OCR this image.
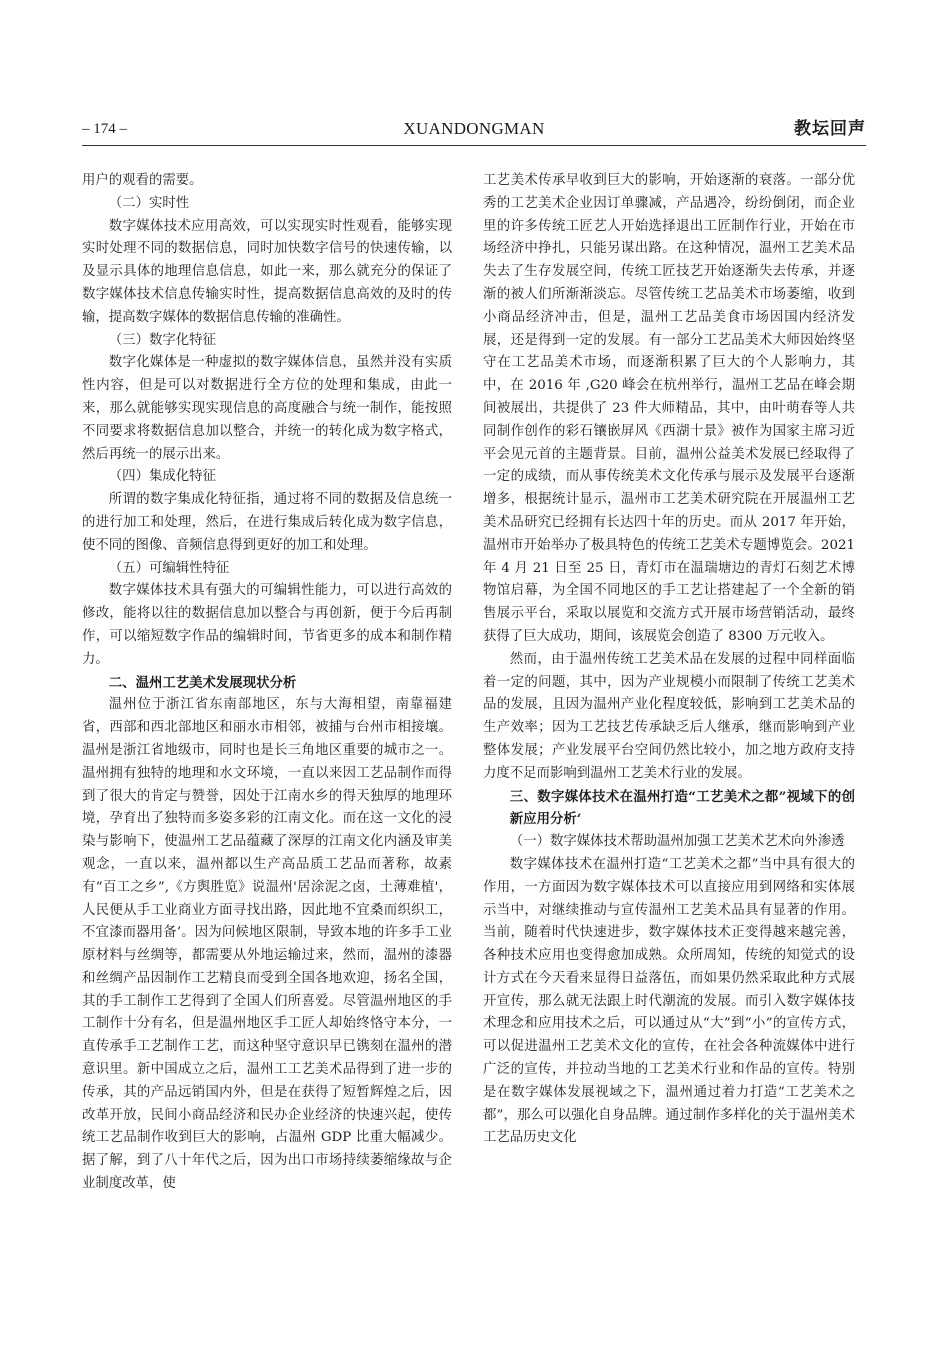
– 174 –	XUANDONGMAN	教坛回声

用户的观看的需要。

（二）实时性

数字媒体技术应用高效，可以实现实时性观看，能够实现实时处理不同的数据信息，同时加快数字信号的快速传输，以及显示具体的地理信息信息，如此一来，那么就充分的保证了数字媒体技术信息传输实时性，提高数据信息高效的及时的传输，提高数字媒体的数据信息传输的准确性。

（三）数字化特征

数字化媒体是一种虚拟的数字媒体信息，虽然并没有实质性内容，但是可以对数据进行全方位的处理和集成，由此一来，那么就能够实现实现信息的高度融合与统一制作，能按照不同要求将数据信息加以整合，并统一的转化成为数字格式，然后再统一的展示出来。

（四）集成化特征

所谓的数字集成化特征指，通过将不同的数据及信息统一的进行加工和处理，然后，在进行集成后转化成为数字信息，使不同的图像、音频信息得到更好的加工和处理。

（五）可编辑性特征

数字媒体技术具有强大的可编辑性能力，可以进行高效的修改，能将以往的数据信息加以整合与再创新，便于今后再制作，可以缩短数字作品的编辑时间，节省更多的成本和制作精力。

二、温州工艺美术发展现状分析

温州位于浙江省东南部地区，东与大海相望，南靠福建省，西部和西北部地区和丽水市相邻，被捕与台州市相接壤。温州是浙江省地级市，同时也是长三角地区重要的城市之一。温州拥有独特的地理和水文环境，一直以来因工艺品制作而得到了很大的肯定与赞誉，因处于江南水乡的得天独厚的地理环境，孕育出了独特而多姿多彩的江南文化。而在这一文化的浸染与影响下，使温州工艺品蕴藏了深厚的江南文化内涵及审美观念，一直以来，温州都以生产高品质工艺品而著称，故素有“百工之乡”,《方舆胜览》说温州'居涂泥之卤，土薄难植'，人民便从手工业商业方面寻找出路，因此地不宜桑而织织工，不宜漆而器用备’。因为问候地区限制，导致本地的许多手工业原材料与丝绸等，都需要从外地运输过来，然而，温州的漆器和丝绸产品因制作工艺精良而受到全国各地欢迎，扬名全国，其的手工制作工艺得到了全国人们所喜爱。尽管温州地区的手工制作十分有名，但是温州地区手工匠人却始终恪守本分，一直传承手工艺制作工艺，而这种坚守意识早已镌刻在温州的潜意识里。新中国成立之后，温州工工艺美术品得到了进一步的传承，其的产品远销国内外，但是在获得了短暂辉煌之后，因改革开放，民间小商品经济和民办企业经济的快速兴起，使传统工艺品制作收到巨大的影响，占温州 GDP 比重大幅减少。据了解，到了八十年代之后，因为出口市场持续萎缩缘故与企业制度改革，使

工艺美术传承早收到巨大的影响，开始逐渐的衰落。一部分优秀的工艺美术企业因订单骤减，产品遇冷，纷纷倒闭，而企业里的许多传统工匠艺人开始选择退出工匠制作行业，开始在市场经济中挣扎，只能另谋出路。在这种情况，温州工艺美术品失去了生存发展空间，传统工匠技艺开始逐渐失去传承，并逐渐的被人们所渐渐淡忘。尽管传统工艺品美术市场萎缩，收到小商品经济冲击，但是，温州工艺品美食市场因国内经济发展，还是得到一定的发展。有一部分工艺品美术大师因始终坚守在工艺品美术市场，而逐渐积累了巨大的个人影响力，其中，在 2016 年 ,G20 峰会在杭州举行，温州工艺品在峰会期间被展出，共提供了 23 件大师精品，其中，由叶萌春等人共同制作创作的彩石镶嵌屏风《西湖十景》被作为国家主席习近平会见元首的主题背景。目前，温州公益美术发展已经取得了一定的成绩，而从事传统美术文化传承与展示及发展平台逐渐增多，根据统计显示，温州市工艺美术研究院在开展温州工艺美术品研究已经拥有长达四十年的历史。而从 2017 年开始，温州市开始举办了极具特色的传统工艺美术专题博览会。2021 年 4 月 21 日至 25 日，青灯市在温瑞塘边的青灯石刻艺术博物馆启幕，为全国不同地区的手工艺让搭建起了一个全新的销售展示平台，采取以展览和交流方式开展市场营销活动，最终获得了巨大成功，期间，该展览会创造了 8300 万元收入。

然而，由于温州传统工艺美术品在发展的过程中同样面临着一定的问题，其中，因为产业规模小而限制了传统工艺美术品的发展，且因为温州产业化程度较低，影响到工艺美术品的生产效率；因为工艺技艺传承缺乏后人继承，继而影响到产业整体发展；产业发展平台空间仍然比较小，加之地方政府支持力度不足而影响到温州工艺美术行业的发展。

三、数字媒体技术在温州打造“工艺美术之都”视域下的创新应用分析‘

（一）数字媒体技术帮助温州加强工艺美术艺术向外渗透

数字媒体技术在温州打造“工艺美术之都”当中具有很大的作用，一方面因为数字媒体技术可以直接应用到网络和实体展示当中，对继续推动与宣传温州工艺美术品具有显著的作用。当前，随着时代快速进步，数字媒体技术正变得越来越完善，各种技术应用也变得愈加成熟。众所周知，传统的知觉式的设计方式在今天看来显得日益落伍，而如果仍然采取此种方式展开宣传，那么就无法跟上时代潮流的发展。而引入数字媒体技术理念和应用技术之后，可以通过从“大”到“小”的宣传方式，可以促进温州工艺美术文化的宣传，在社会各种流媒体中进行广泛的宣传，并拉动当地的工艺美术行业和作品的宣传。特别是在数字媒体发展视域之下，温州通过着力打造“工艺美术之都”，那么可以强化自身品牌。通过制作多样化的关于温州美术工艺品历史文化
